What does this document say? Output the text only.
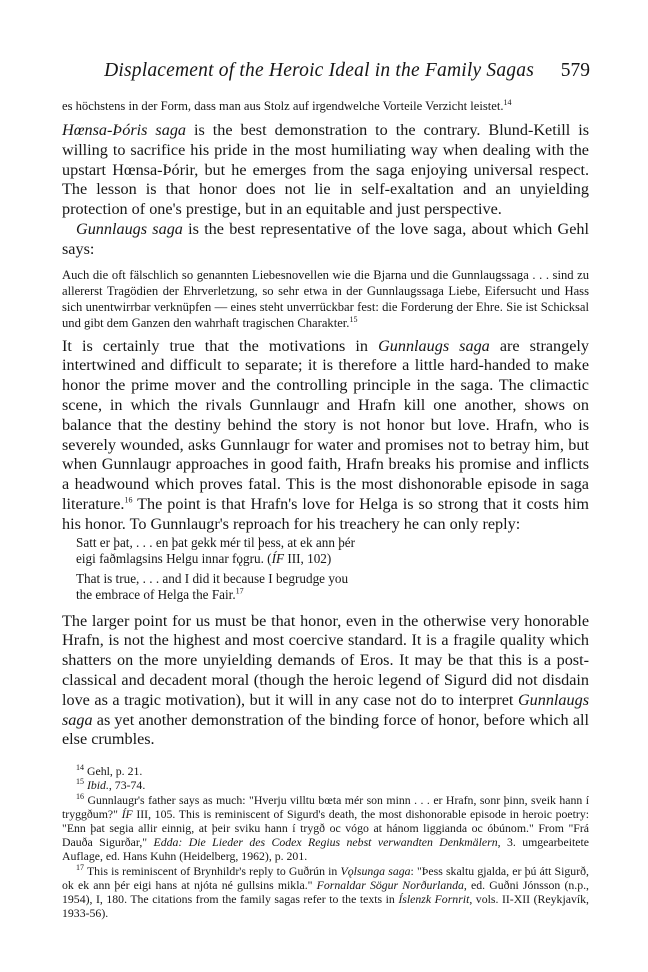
Displacement of the Heroic Ideal in the Family Sagas 579

es höchstens in der Form, dass man aus Stolz auf irgendwelche Vorteile Verzicht leistet.$^{14}$

Hœnsa-Þóris saga is the best demonstration to the contrary. Blund-Ketill is willing to sacrifice his pride in the most humiliating way when dealing with the upstart Hœnsa-Þórir, but he emerges from the saga enjoying universal respect. The lesson is that honor does not lie in self-exaltation and an unyielding protection of one's prestige, but in an equitable and just perspective.

Gunnlaugs saga is the best representative of the love saga, about which Gehl says:

Auch die oft fälschlich so genannten Liebesnovellen wie die Bjarna und die Gunnlaugssaga . . . sind zu allererst Tragödien der Ehrverletzung, so sehr etwa in der Gunnlaugssaga Liebe, Eifersucht und Hass sich unentwirrbar verknüpfen — eines steht unverrückbar fest: die Forderung der Ehre. Sie ist Schicksal und gibt dem Ganzen den wahrhaft tragischen Charakter.$^{15}$

It is certainly true that the motivations in Gunnlaugs saga are strangely intertwined and difficult to separate; it is therefore a little hard-handed to make honor the prime mover and the controlling principle in the saga. The climactic scene, in which the rivals Gunnlaugr and Hrafn kill one another, shows on balance that the destiny behind the story is not honor but love. Hrafn, who is severely wounded, asks Gunnlaugr for water and promises not to betray him, but when Gunnlaugr approaches in good faith, Hrafn breaks his promise and inflicts a headwound which proves fatal. This is the most dishonorable episode in saga literature.$^{16}$ The point is that Hrafn's love for Helga is so strong that it costs him his honor. To Gunnlaugr's reproach for his treachery he can only reply:

Satt er þat, . . . en þat gekk mér til þess, at ek ann þér
eigi faðmlagsins Helgu innar fǫgru. (ÍF III, 102)
That is true, . . . and I did it because I begrudge you
the embrace of Helga the Fair.$^{17}$

The larger point for us must be that honor, even in the otherwise very honorable Hrafn, is not the highest and most coercive standard. It is a fragile quality which shatters on the more unyielding demands of Eros. It may be that this is a post-classical and decadent moral (though the heroic legend of Sigurd did not disdain love as a tragic motivation), but it will in any case not do to interpret Gunnlaugs saga as yet another demonstration of the binding force of honor, before which all else crumbles.

$^{14}$ Gehl, p. 21.

$^{15}$ Ibid., 73-74.

$^{16}$ Gunnlaugr's father says as much: "Hverju villtu bœta mér son minn . . . er Hrafn, sonr þinn, sveik hann í tryggðum?" ÍF III, 105. This is reminiscent of Sigurd's death, the most dishonorable episode in heroic poetry: "Enn þat segia allir einnig, at þeir sviku hann í trygð oc vógo at hánom liggianda oc óbúnom." From "Frá Dauða Sigurðar," Edda: Die Lieder des Codex Regius nebst verwandten Denkmälern, 3. umgearbeitete Auflage, ed. Hans Kuhn (Heidelberg, 1962), p. 201.

$^{17}$ This is reminiscent of Brynhildr's reply to Guðrún in Vǫlsunga saga: "Þess skaltu gjalda, er þú átt Sigurð, ok ek ann þér eigi hans at njóta né gullsins mikla." Fornaldar Sögur Norðurlanda, ed. Guðni Jónsson (n.p., 1954), I, 180. The citations from the family sagas refer to the texts in Íslenzk Fornrit, vols. II-XII (Reykjavík, 1933-56).
